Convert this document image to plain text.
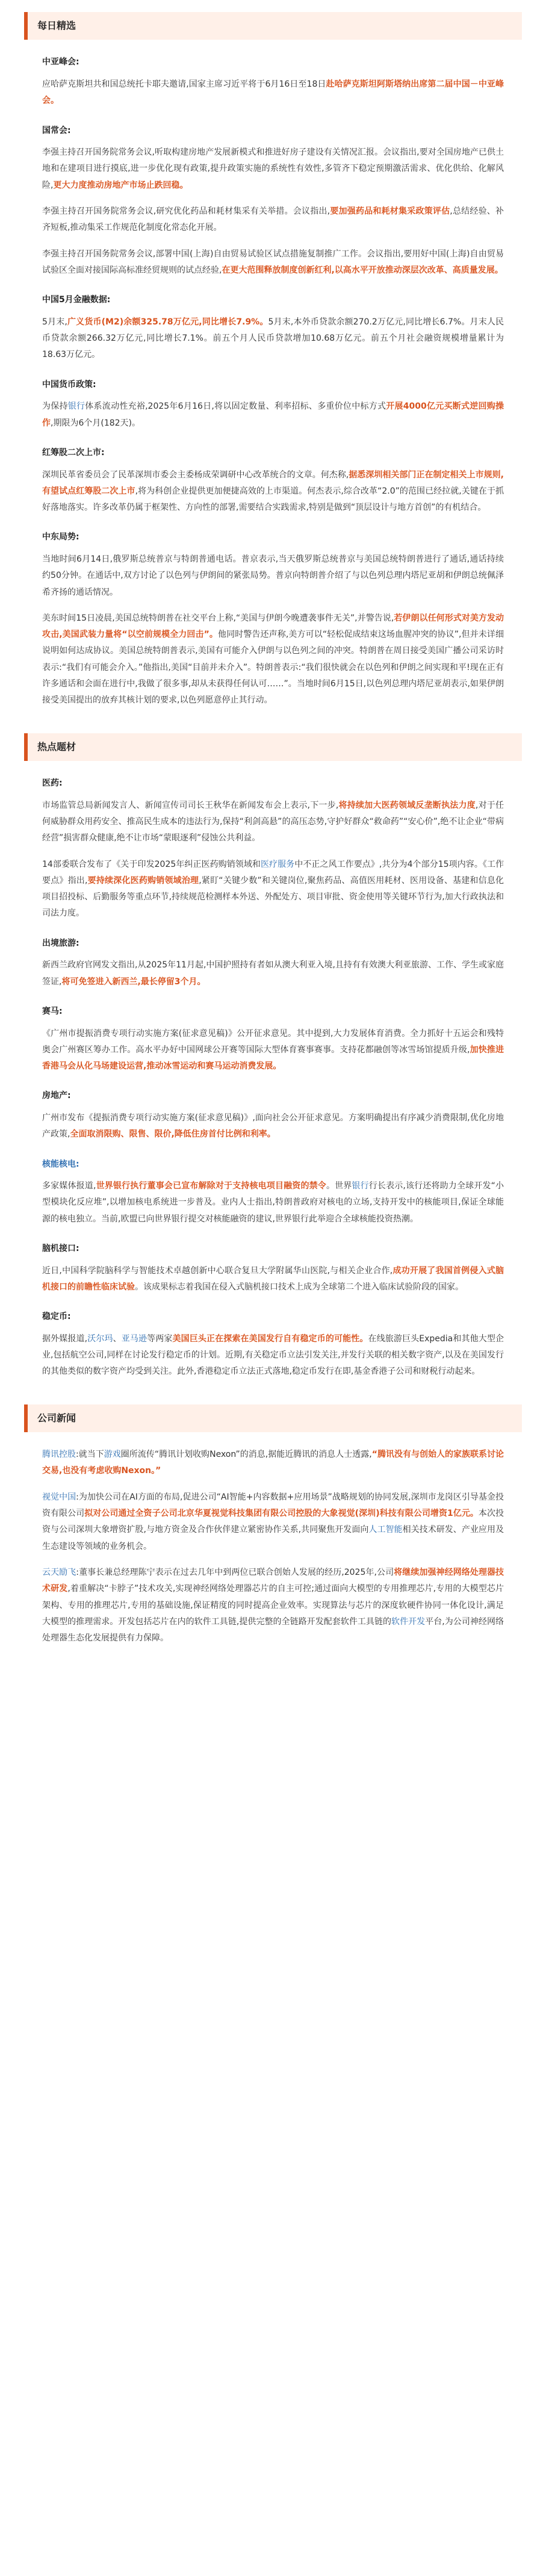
每日精选
中亚峰会:
应哈萨克斯坦共和国总统托卡耶夫邀请,国家主席习近平将于6月16日至18日赴哈萨克斯坦阿斯塔纳出席第二届中国－中亚峰会。
国常会:
李强主持召开国务院常务会议,听取构建房地产发展新模式和推进好房子建设有关情况汇报。会议指出,要对全国房地产已供土地和在建项目进行摸底,进一步优化现有政策,提升政策实施的系统性有效性,多管齐下稳定预期激活需求、优化供给、化解风险,更大力度推动房地产市场止跌回稳。
李强主持召开国务院常务会议,研究优化药品和耗材集采有关举措。会议指出,要加强药品和耗材集采政策评估,总结经验、补齐短板,推动集采工作规范化制度化常态化开展。
李强主持召开国务院常务会议,部署中国(上海)自由贸易试验区试点措施复制推广工作。会议指出,要用好中国(上海)自由贸易试验区全面对接国际高标准经贸规则的试点经验,在更大范围释放制度创新红利,以高水平开放推动深层次改革、高质量发展。
中国5月金融数据:
5月末,广义货币(M2)余额325.78万亿元,同比增长7.9%。5月末,本外币贷款余额270.2万亿元,同比增长6.7%。月末人民币贷款余额266.32万亿元,同比增长7.1%。前五个月人民币贷款增加10.68万亿元。前五个月社会融资规模增量累计为18.63万亿元。
中国货币政策:
为保持银行体系流动性充裕,2025年6月16日,将以固定数量、利率招标、多重价位中标方式开展4000亿元买断式逆回购操作,期限为6个月(182天)。
红筹股二次上市:
深圳民革省委员会了民革深圳市委会主委杨成荣调研中心改革统合的文章。何杰称,据悉深圳相关部门正在制定相关上市规则,有望试点红筹股二次上市,将为科创企业提供更加便捷高效的上市渠道。何杰表示,综合改革“2.0”的范围已经拉就,关键在于抓好落地落实。许多改革仍属于框架性、方向性的部署,需要结合实践需求,特别是做到“顶层设计与地方首创”的有机结合。
中东局势:
当地时间6月14日,俄罗斯总统普京与特朗普通电话。普京表示,当天俄罗斯总统普京与美国总统特朗普进行了通话,通话持续约50分钟。在通话中,双方讨论了以色列与伊朗间的紧张局势。普京向特朗普介绍了与以色列总理内塔尼亚胡和伊朗总统佩泽希齐扬的通话情况。
美东时间15日凌晨,美国总统特朗普在社交平台上称,“美国与伊朗今晚遭袭事件无关”,并警告说,若伊朗以任何形式对美方发动攻击,美国武装力量将“以空前规模全力回击”。他同时警告还声称,美方可以“轻松促成结束这场血腥冲突的协议”,但并未详细说明如何达成协议。美国总统特朗普表示,美国有可能介入伊朗与以色列之间的冲突。特朗普在周日接受美国广播公司采访时表示:“我们有可能会介入。”他指出,美国“目前并未介入”。特朗普表示:“我们很快就会在以色列和伊朗之间实现和平!现在正有许多通话和会面在进行中,我做了很多事,却从未获得任何认可……”。当地时间6月15日,以色列总理内塔尼亚胡表示,如果伊朗接受美国提出的放弃其核计划的要求,以色列愿意停止其行动。
热点题材
医药:
市场监管总局新闻发言人、新闻宣传司司长王秋华在新闻发布会上表示,下一步,将持续加大医药领域反垄断执法力度,对于任何威胁群众用药安全、推高民生成本的违法行为,保持“利剑高悬”的高压态势,守护好群众“救命药”“安心价”,绝不让企业“带病经营”损害群众健康,绝不让市场“蒙眼逐利”侵蚀公共利益。
14部委联合发布了《关于印发2025年纠正医药购销领域和医疗服务中不正之风工作要点》,共分为4个部分15项内容。《工作要点》指出,要持续深化医药购销领域治理,紧盯“关键少数”和关键岗位,聚焦药品、高值医用耗材、医用设备、基建和信息化项目招投标、后勤服务等重点环节,持续规范检测样本外送、外配处方、项目审批、资金使用等关键环节行为,加大行政执法和司法力度。
出境旅游:
新西兰政府官网发文指出,从2025年11月起,中国护照持有者如从澳大利亚入境,且持有有效澳大利亚旅游、工作、学生或家庭签证,将可免签进入新西兰,最长停留3个月。
赛马:
《广州市提振消费专项行动实施方案(征求意见稿)》公开征求意见。其中提到,大力发展体育消费。全力抓好十五运会和残特奥会广州赛区筹办工作。高水平办好中国网球公开赛等国际大型体育赛事赛事。支持花都融创等冰雪场馆提质升级,加快推进香港马会从化马场建设运营,推动冰雪运动和赛马运动消费发展。
房地产:
广州市发布《提振消费专项行动实施方案(征求意见稿)》,面向社会公开征求意见。方案明确提出有序减少消费限制,优化房地产政策,全面取消限购、限售、限价,降低住房首付比例和利率。
核能核电:
多家媒体报道,世界银行执行董事会已宣布解除对于支持核电项目融资的禁令。世界银行行长表示,该行还将助力全球开发“小型模块化反应堆”,以增加核电系统进一步普及。业内人士指出,特朗普政府对核电的立场,支持开发中的核能项目,保证全球能源的核电独立。当前,欧盟已向世界银行提交对核能融资的建议,世界银行此举迎合全球核能投资热潮。
脑机接口:
近日,中国科学院脑科学与智能技术卓越创新中心联合复旦大学附属华山医院,与相关企业合作,成功开展了我国首例侵入式脑机接口的前瞻性临床试验。该成果标志着我国在侵入式脑机接口技术上成为全球第二个进入临床试验阶段的国家。
稳定币:
据外媒报道,沃尔玛、亚马逊等两家美国巨头正在探索在美国发行自有稳定币的可能性。在线旅游巨头Expedia和其他大型企业,包括航空公司,同样在讨论发行稳定币的计划。近期,有关稳定币立法引发关注,并发行关联的相关数字资产,以及在美国发行的其他类似的数字资产均受到关注。此外,香港稳定币立法正式落地,稳定币发行在即,基金香港子公司和财税行动起来。
公司新闻
腾讯控股:就当下游戏圈所流传“腾讯计划收购Nexon”的消息,据能近腾讯的消息人士透露,“腾讯没有与创始人的家族联系讨论交易,也没有考虑收购Nexon。”
视觉中国:为加快公司在AI方面的布局,促进公司“AI智能+内容数据+应用场景”战略规划的协同发展,深圳市龙岗区引导基金投资有限公司拟对公司通过全资子公司北京华夏视觉科技集团有限公司控股的大象视觉(深圳)科技有限公司增资1亿元。本次投资与公司深圳大象增资扩股,与地方资金及合作伙伴建立紧密协作关系,共同聚焦开发面向人工智能相关技术研发、产业应用及生态建设等领域的业务机会。
云天励飞:董事长兼总经理陈宁表示在过去几年中到两位已联合创始人发展的经历,2025年,公司将继续加强神经网络处理器技术研发,着重解决“卡脖子”技术攻关,实现神经网络处理器芯片的自主可控;通过面向大模型的专用推理芯片,专用的大模型芯片架构、专用的推理芯片,专用的基础设施,保证精度的同时提高企业效率。实现算法与芯片的深度软硬件协同一体化设计,满足大模型的推理需求。开发包括芯片在内的软件工具链,提供完整的全链路开发配套软件工具链的软件开发平台,为公司神经网络处理器生态化发展提供有力保障。
